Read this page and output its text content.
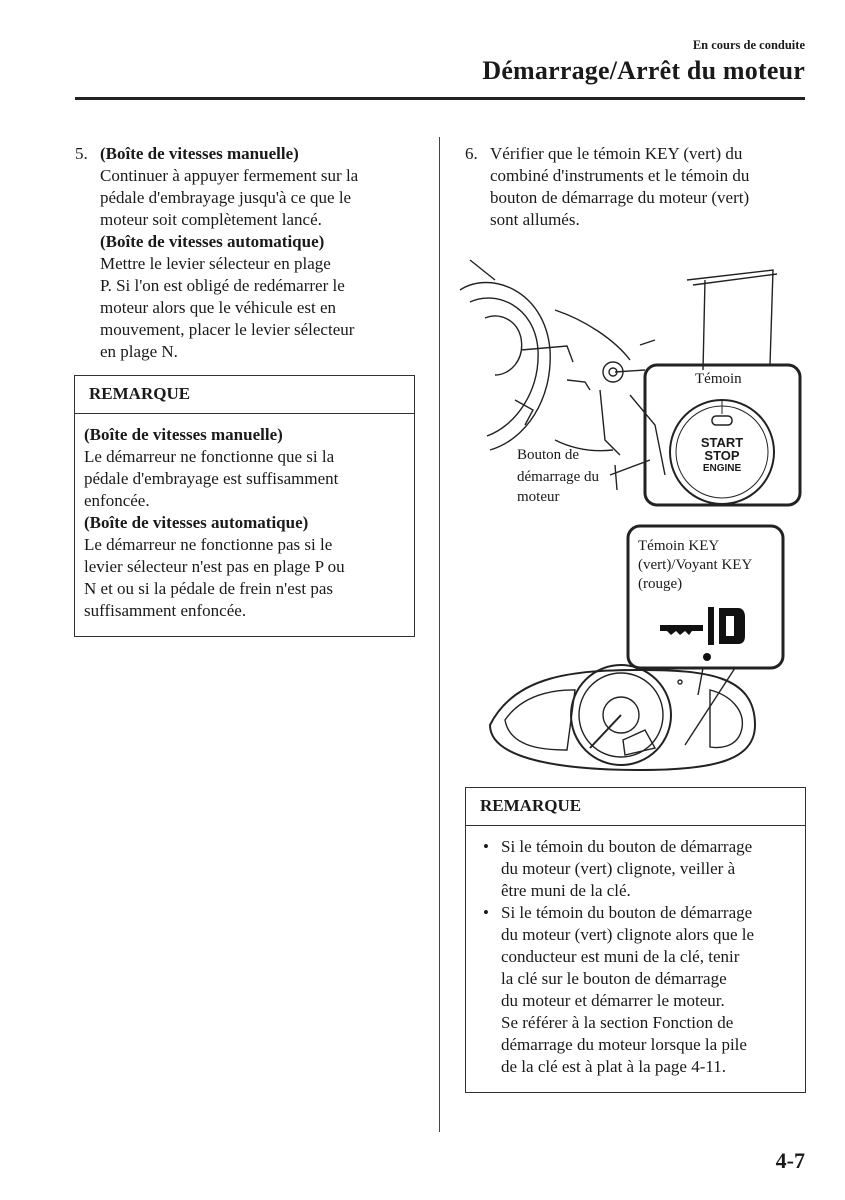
En cours de conduite
Démarrage/Arrêt du moteur
5. (Boîte de vitesses manuelle)
Continuer à appuyer fermement sur la
pédale d'embrayage jusqu'à ce que le
moteur soit complètement lancé.
(Boîte de vitesses automatique)
Mettre le levier sélecteur en plage
P. Si l'on est obligé de redémarrer le
moteur alors que le véhicule est en
mouvement, placer le levier sélecteur
en plage N.
REMARQUE
(Boîte de vitesses manuelle)
Le démarreur ne fonctionne que si la
pédale d'embrayage est suffisamment
enfoncée.
(Boîte de vitesses automatique)
Le démarreur ne fonctionne pas si le
levier sélecteur n'est pas en plage P ou
N et ou si la pédale de frein n'est pas
suffisamment enfoncée.
6. Vérifier que le témoin KEY (vert) du
combiné d'instruments et le témoin du
bouton de démarrage du moteur (vert)
sont allumés.
Témoin
Bouton de
démarrage du
moteur
START
STOP
ENGINE
Témoin KEY
(vert)/Voyant KEY
(rouge)
REMARQUE
• Si le témoin du bouton de démarrage
du moteur (vert) clignote, veiller à
être muni de la clé.
• Si le témoin du bouton de démarrage
du moteur (vert) clignote alors que le
conducteur est muni de la clé, tenir
la clé sur le bouton de démarrage
du moteur et démarrer le moteur.
Se référer à la section Fonction de
démarrage du moteur lorsque la pile
de la clé est à plat à la page 4-11.
4-7
